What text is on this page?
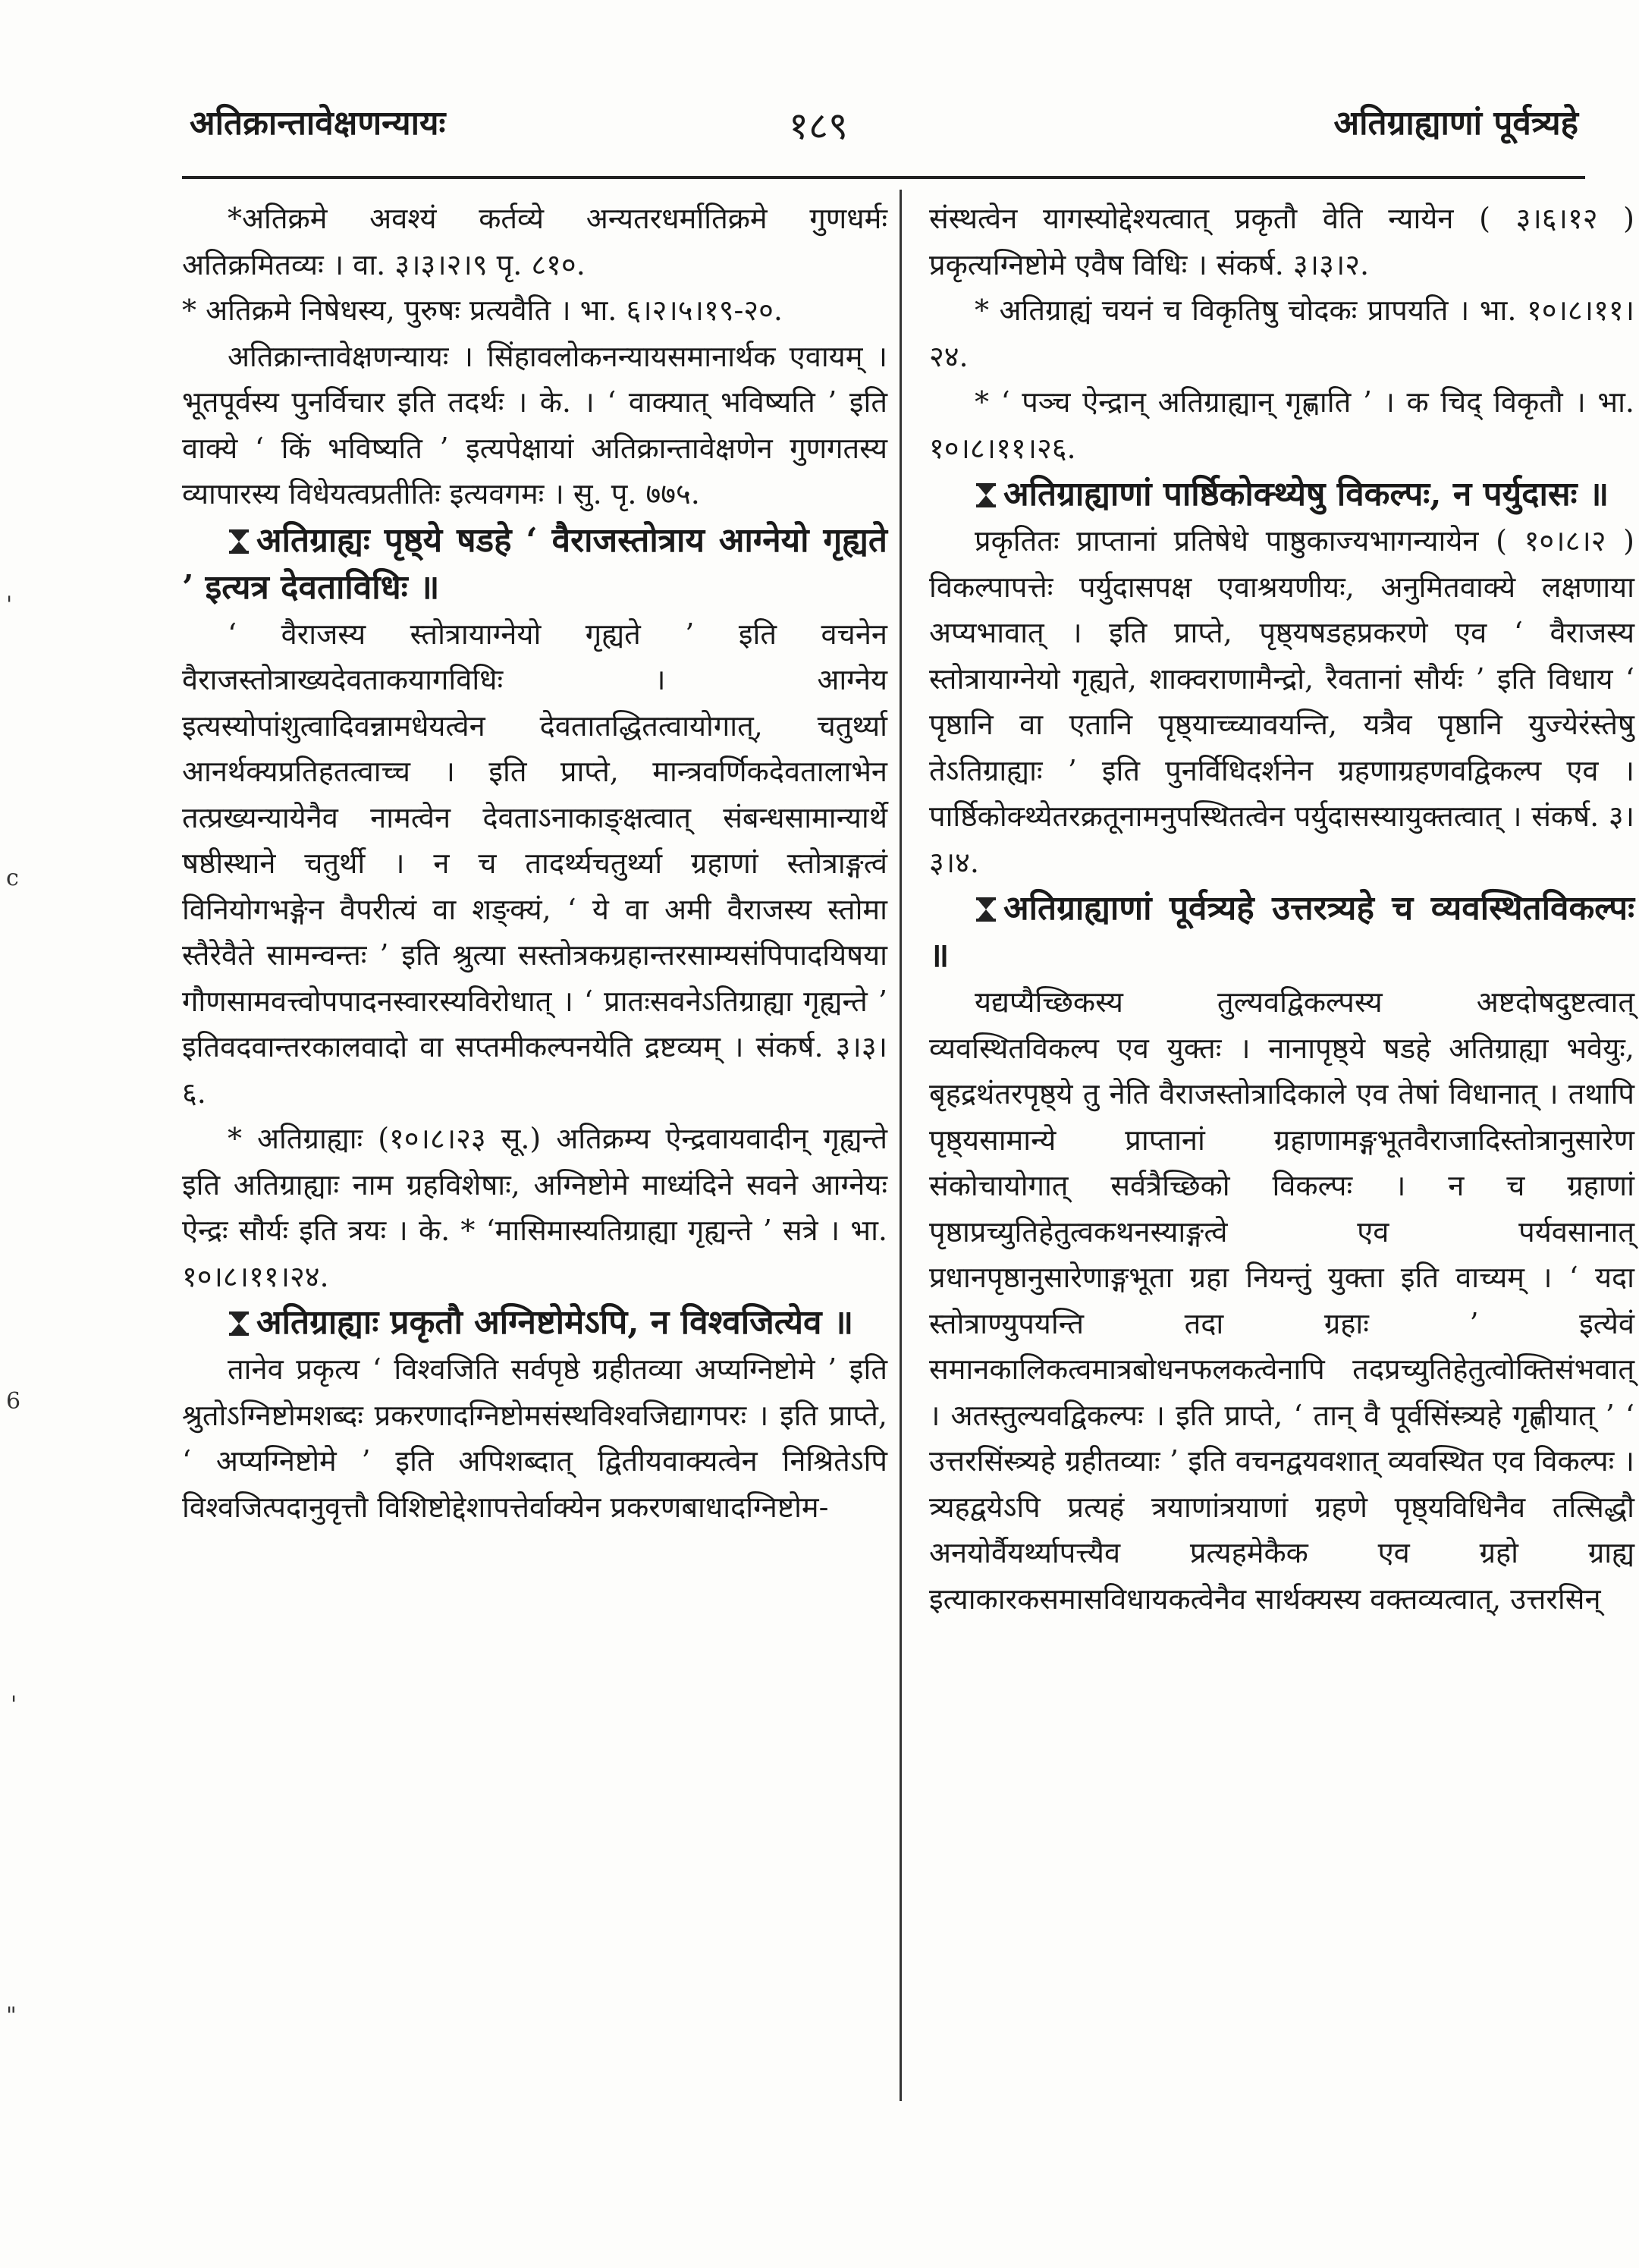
अतिक्रान्तावेक्षणन्यायः	१८९	अतिग्राह्याणां पूर्वत्र्यहे

*अतिक्रमे अवश्यं कर्तव्ये अन्यतरधर्मातिक्रमे गुणधर्मः अतिक्रमितव्यः । वा. ३।३।२।९ पृ. ८१०.

* अतिक्रमे निषेधस्य, पुरुषः प्रत्यवैति । भा. ६।२।५।१९-२०.

अतिक्रान्तावेक्षणन्यायः । सिंहावलोकनन्यायसमानार्थक एवायम् । भूतपूर्वस्य पुनर्विचार इति तदर्थः । के. । ‘ वाक्यात् भविष्यति ’ इति वाक्ये ‘ किं भविष्यति ’ इत्यपेक्षायां अतिक्रान्तावेक्षणेन गुणगतस्य व्यापारस्य विधेयत्वप्रतीतिः इत्यवगमः । सु. पृ. ७७५.

अतिग्राह्यः पृष्ठ्ये षडहे ‘ वैराजस्तोत्राय आग्नेयो गृह्यते ’ इत्यत्र देवताविधिः ॥

‘ वैराजस्य स्तोत्रायाग्नेयो गृह्यते ’ इति वचनेन वैराजस्तोत्राख्यदेवताकयागविधिः । आग्नेय इत्यस्योपांशुत्वादिवन्नामधेयत्वेन देवतातद्धितत्वायोगात्, चतुर्थ्या आनर्थक्यप्रतिहतत्वाच्च । इति प्राप्ते, मान्त्रवर्णिकदेवतालाभेन तत्प्रख्यन्यायेनैव नामत्वेन देवताऽनाकाङ्क्षत्वात् संबन्धसामान्यार्थे षष्ठीस्थाने चतुर्थी । न च तादर्थ्यचतुर्थ्या ग्रहाणां स्तोत्राङ्गत्वं विनियोगभङ्गेन वैपरीत्यं वा शङ्क्यं, ‘ ये वा अमी वैराजस्य स्तोमा स्तैरेवैते सामन्वन्तः ’ इति श्रुत्या सस्तोत्रकग्रहान्तरसाम्यसंपिपादयिषया गौणसामवत्त्वोपपादनस्वारस्यविरोधात् । ‘ प्रातःसवनेऽतिग्राह्या गृह्यन्ते ’ इतिवदवान्तरकालवादो वा सप्तमीकल्पनयेति द्रष्टव्यम् । संकर्ष. ३।३।६.

* अतिग्राह्याः (१०।८।२३ सू.) अतिक्रम्य ऐन्द्रवायवादीन् गृह्यन्ते इति अतिग्राह्याः नाम ग्रहविशेषाः, अग्निष्टोमे माध्यंदिने सवने आग्नेयः ऐन्द्रः सौर्यः इति त्रयः । के. * ‘मासिमास्यतिग्राह्या गृह्यन्ते ’ सत्रे । भा. १०।८।११।२४.

अतिग्राह्याः प्रकृतौ अग्निष्टोमेऽपि, न विश्वजित्येव ॥

तानेव प्रकृत्य ‘ विश्वजिति सर्वपृष्ठे ग्रहीतव्या अप्यग्निष्टोमे ’ इति श्रुतोऽग्निष्टोमशब्दः प्रकरणादग्निष्टोमसंस्थविश्वजिद्यागपरः । इति प्राप्ते, ‘ अप्यग्निष्टोमे ’ इति अपिशब्दात् द्वितीयवाक्यत्वेन निश्रितेऽपि विश्वजित्पदानुवृत्तौ विशिष्टोद्देशापत्तेर्वाक्येन प्रकरणबाधादग्निष्टोम-

संस्थत्वेन यागस्योद्देश्यत्वात् प्रकृतौ वेति न्यायेन ( ३।६।१२ ) प्रकृत्यग्निष्टोमे एवैष विधिः । संकर्ष. ३।३।२.

* अतिग्राह्यं चयनं च विकृतिषु चोदकः प्रापयति । भा. १०।८।११।२४.

* ‘ पञ्च ऐन्द्रान् अतिग्राह्यान् गृह्णाति ’ । क चिद् विकृतौ । भा. १०।८।११।२६.

अतिग्राह्याणां पार्ष्ठिकोक्थ्येषु विकल्पः, न पर्युदासः ॥

प्रकृतितः प्राप्तानां प्रतिषेधे पाष्ठुकाज्यभागन्यायेन ( १०।८।२ ) विकल्पापत्तेः पर्युदासपक्ष एवाश्रयणीयः, अनुमितवाक्ये लक्षणाया अप्यभावात् । इति प्राप्ते, पृष्ठ्यषडहप्रकरणे एव ‘ वैराजस्य स्तोत्रायाग्नेयो गृह्यते, शाक्वराणामैन्द्रो, रैवतानां सौर्यः ’ इति विधाय ‘ पृष्ठानि वा एतानि पृष्ठ्याच्च्यावयन्ति, यत्रैव पृष्ठानि युज्येरंस्तेषु तेऽतिग्राह्याः ’ इति पुनर्विधिदर्शनेन ग्रहणाग्रहणवद्विकल्प एव । पार्ष्ठिकोक्थ्येतरक्रतूनामनुपस्थितत्वेन पर्युदासस्यायुक्तत्वात् । संकर्ष. ३।३।४.

अतिग्राह्याणां पूर्वत्र्यहे उत्तरत्र्यहे च व्यवस्थितविकल्पः ॥

यद्यप्यैच्छिकस्य तुल्यवद्विकल्पस्य अष्टदोषदुष्टत्वात् व्यवस्थितविकल्प एव युक्तः । नानापृष्ठ्ये षडहे अतिग्राह्या भवेयुः, बृहद्रथंतरपृष्ठ्ये तु नेति वैराजस्तोत्रादिकाले एव तेषां विधानात् । तथापि पृष्ठ्यसामान्ये प्राप्तानां ग्रहाणामङ्गभूतवैराजादिस्तोत्रानुसारेण संकोचायोगात् सर्वत्रैच्छिको विकल्पः । न च ग्रहाणां पृष्ठाप्रच्युतिहेतुत्वकथनस्याङ्गत्वे एव पर्यवसानात् प्रधानपृष्ठानुसारेणाङ्गभूता ग्रहा नियन्तुं युक्ता इति वाच्यम् । ‘ यदा स्तोत्राण्युपयन्ति तदा ग्रहाः ’ इत्येवं समानकालिकत्वमात्रबोधनफलकत्वेनापि तदप्रच्युतिहेतुत्वोक्तिसंभवात् । अतस्तुल्यवद्विकल्पः । इति प्राप्ते, ‘ तान् वै पूर्वसिंस्त्र्यहे गृह्णीयात् ’ ‘ उत्तरसिंस्त्र्यहे ग्रहीतव्याः ’ इति वचनद्वयवशात् व्यवस्थित एव विकल्पः । त्र्यहद्वयेऽपि प्रत्यहं त्रयाणांत्रयाणां ग्रहणे पृष्ठ्यविधिनैव तत्सिद्धौ अनयोर्वैयर्थ्यापत्त्यैव प्रत्यहमेकैक एव ग्रहो ग्राह्य इत्याकारकसमासविधायकत्वेनैव सार्थक्यस्य वक्तव्यत्वात्, उत्तरसिन्

'
c
6
'
"
